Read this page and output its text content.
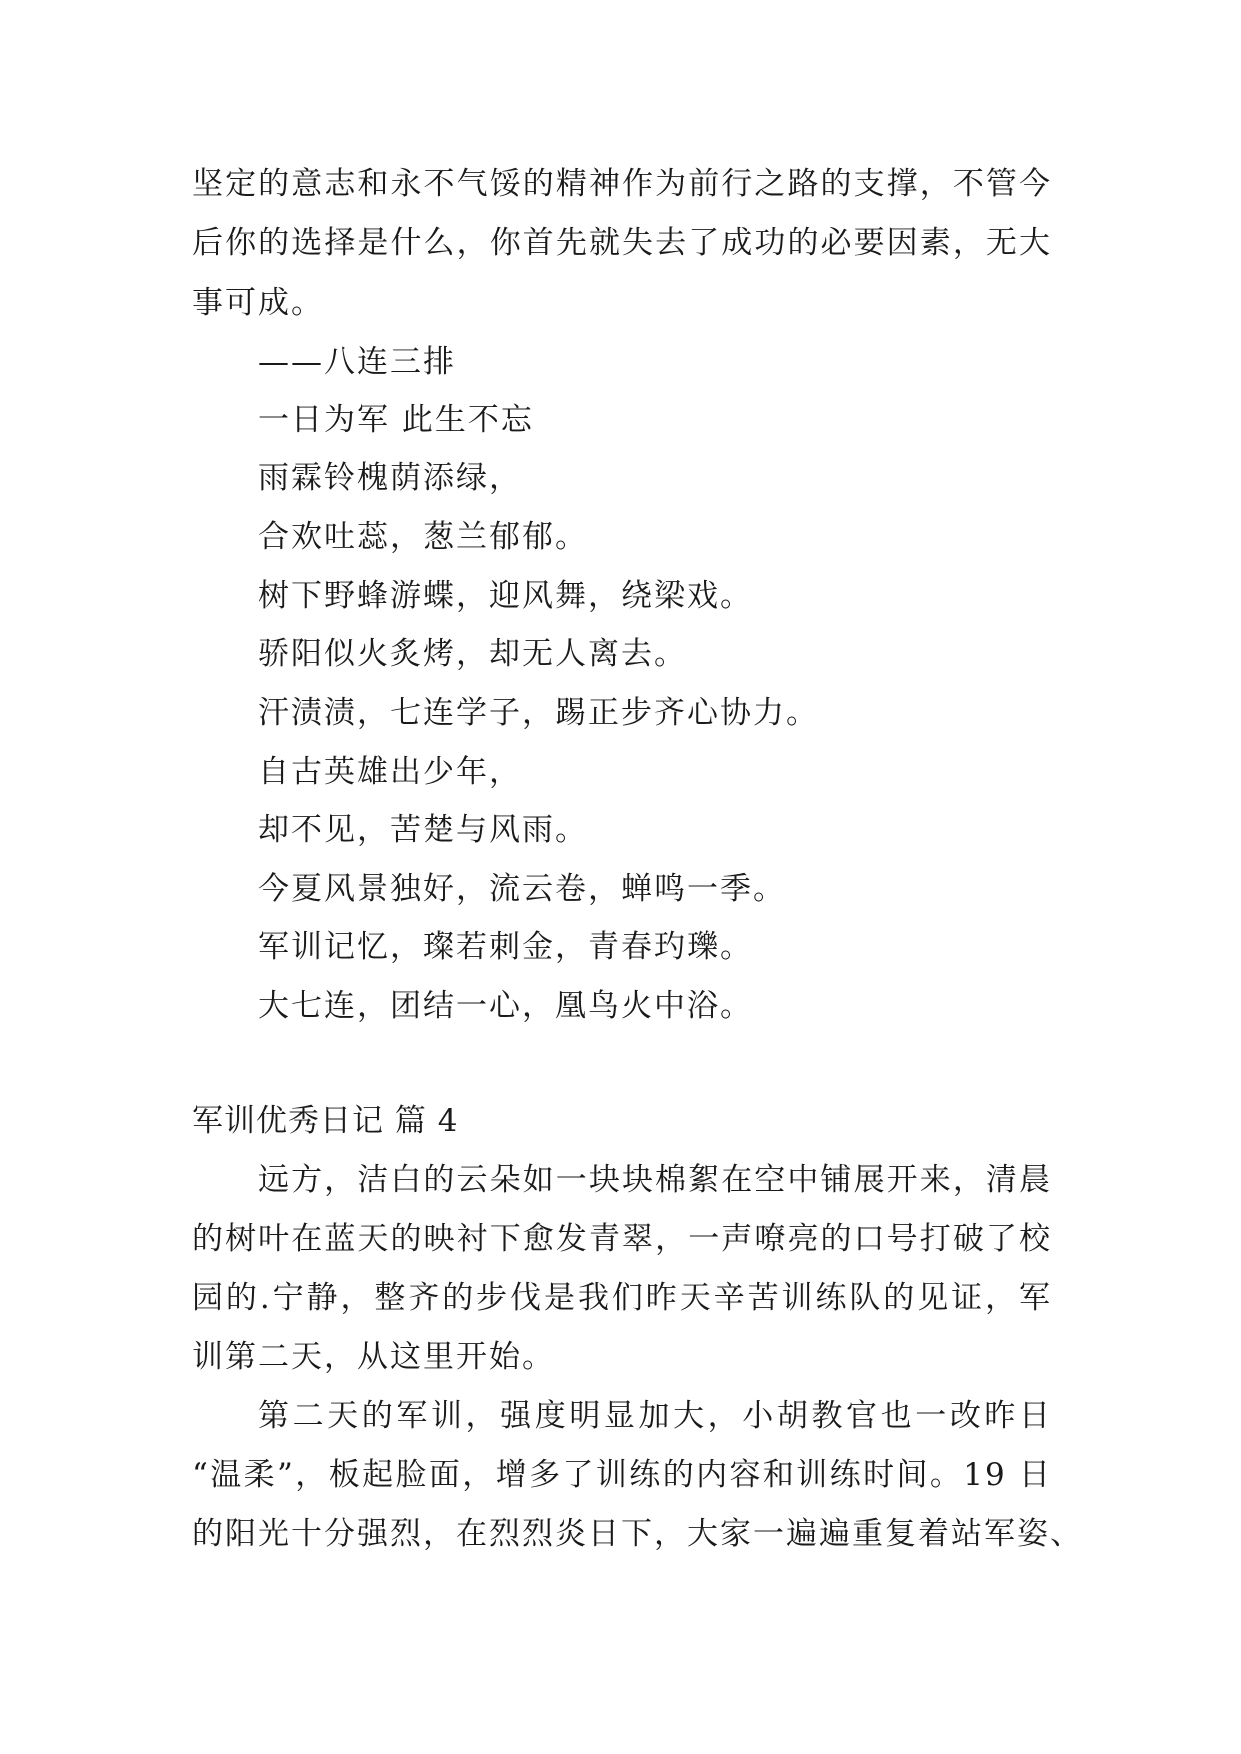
坚定的意志和永不气馁的精神作为前行之路的支撑，不管今
后你的选择是什么，你首先就失去了成功的必要因素，无大
事可成。
——八连三排
一日为军 此生不忘
雨霖铃槐荫添绿，
合欢吐蕊，葱兰郁郁。
树下野蜂游蝶，迎风舞，绕梁戏。
骄阳似火炙烤，却无人离去。
汗渍渍，七连学子，踢正步齐心协力。
自古英雄出少年，
却不见，苦楚与风雨。
今夏风景独好，流云卷，蝉鸣一季。
军训记忆，璨若刺金，青春玓瓅。
大七连，团结一心，凰鸟火中浴。
军训优秀日记 篇 4
远方，洁白的云朵如一块块棉絮在空中铺展开来，清晨
的树叶在蓝天的映衬下愈发青翠，一声嘹亮的口号打破了校
园的.宁静，整齐的步伐是我们昨天辛苦训练队的见证，军
训第二天，从这里开始。
第二天的军训，强度明显加大，小胡教官也一改昨日
“温柔”，板起脸面，增多了训练的内容和训练时间。19 日
的阳光十分强烈，在烈烈炎日下，大家一遍遍重复着站军姿、
